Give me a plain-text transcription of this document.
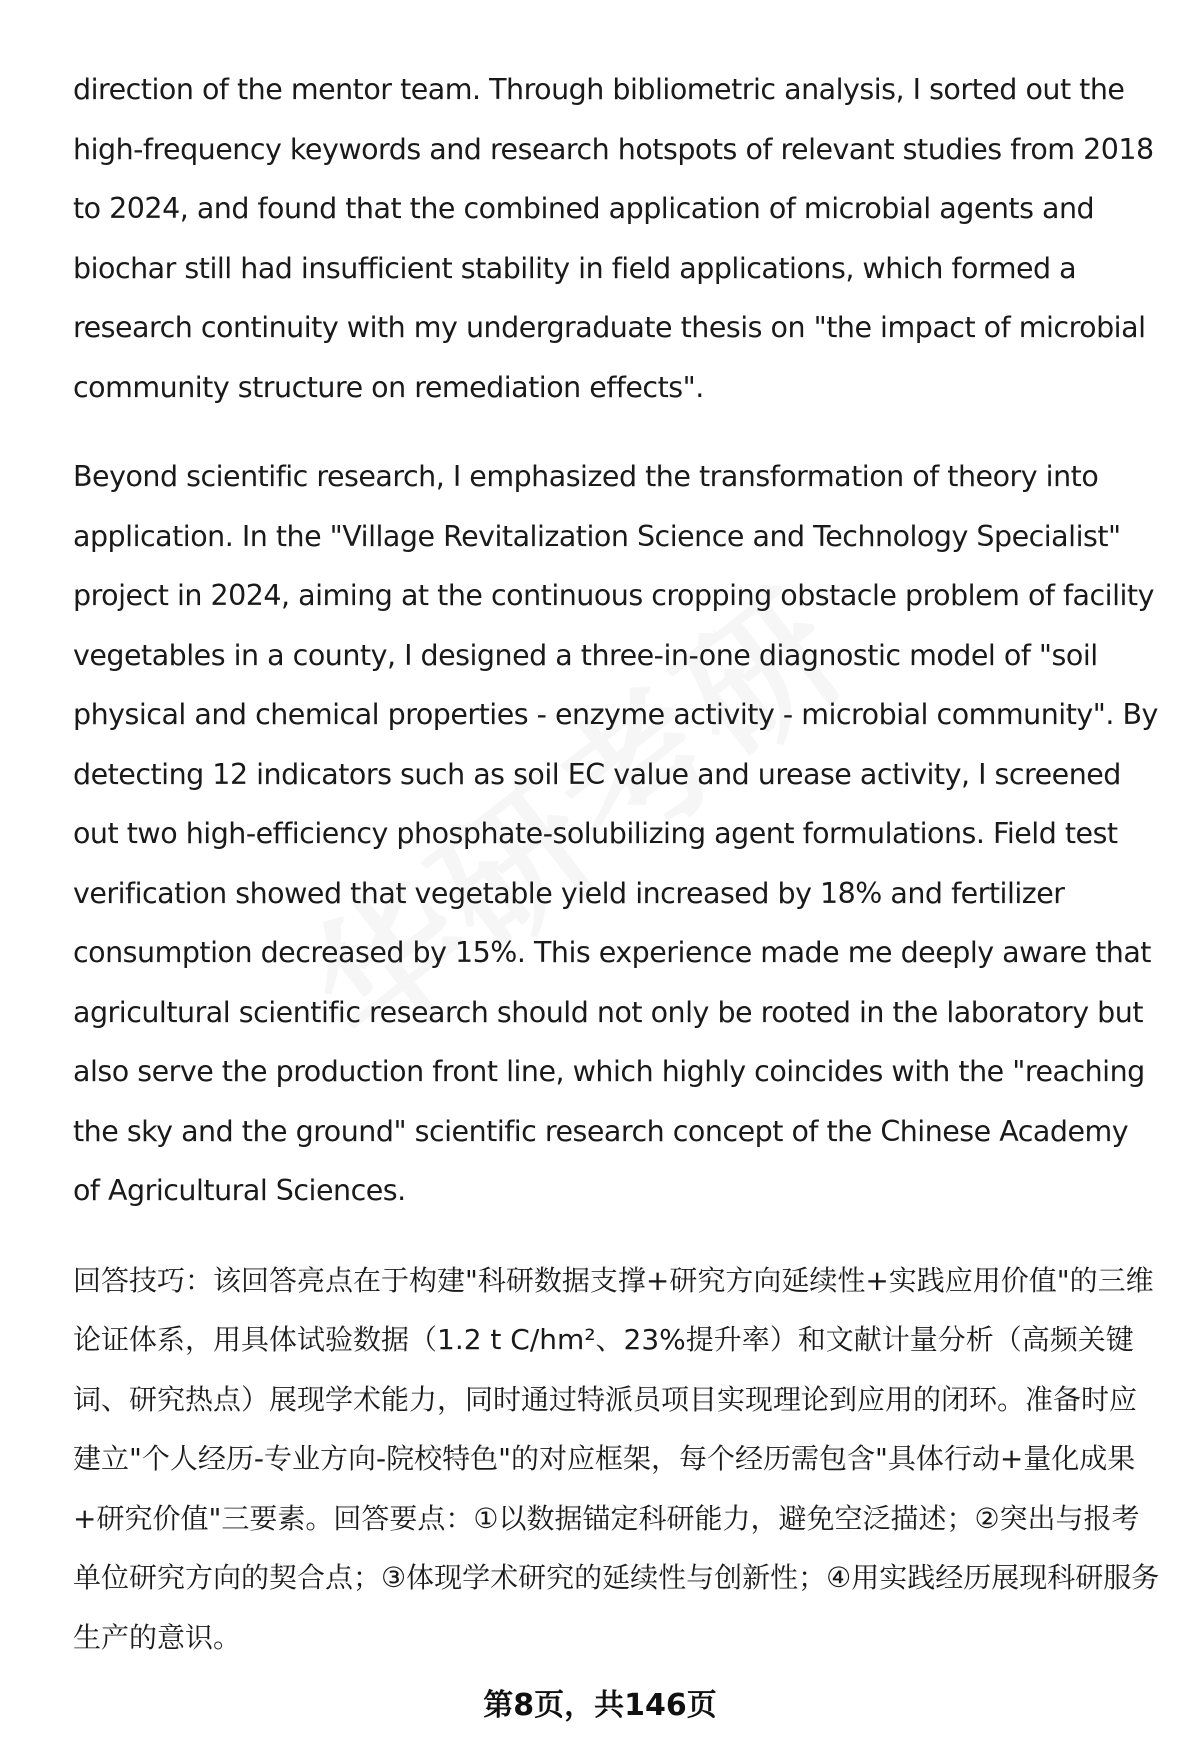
direction of the mentor team. Through bibliometric analysis, I sorted out the high-frequency keywords and research hotspots of relevant studies from 2018 to 2024, and found that the combined application of microbial agents and biochar still had insufficient stability in field applications, which formed a research continuity with my undergraduate thesis on "the impact of microbial community structure on remediation effects".

Beyond scientific research, I emphasized the transformation of theory into application. In the "Village Revitalization Science and Technology Specialist" project in 2024, aiming at the continuous cropping obstacle problem of facility vegetables in a county, I designed a three-in-one diagnostic model of "soil physical and chemical properties - enzyme activity - microbial community". By detecting 12 indicators such as soil EC value and urease activity, I screened out two high-efficiency phosphate-solubilizing agent formulations. Field test verification showed that vegetable yield increased by 18% and fertilizer consumption decreased by 15%. This experience made me deeply aware that agricultural scientific research should not only be rooted in the laboratory but also serve the production front line, which highly coincides with the "reaching the sky and the ground" scientific research concept of the Chinese Academy of Agricultural Sciences.

回答技巧：该回答亮点在于构建"科研数据支撑+研究方向延续性+实践应用价值"的三维论证体系，用具体试验数据（1.2 t C/hm²、23%提升率）和文献计量分析（高频关键词、研究热点）展现学术能力，同时通过特派员项目实现理论到应用的闭环。准备时应建立"个人经历-专业方向-院校特色"的对应框架，每个经历需包含"具体行动+量化成果+研究价值"三要素。回答要点：①以数据锚定科研能力，避免空泛描述；②突出与报考单位研究方向的契合点；③体现学术研究的延续性与创新性；④用实践经历展现科研服务生产的意识。

第8页，共146页
